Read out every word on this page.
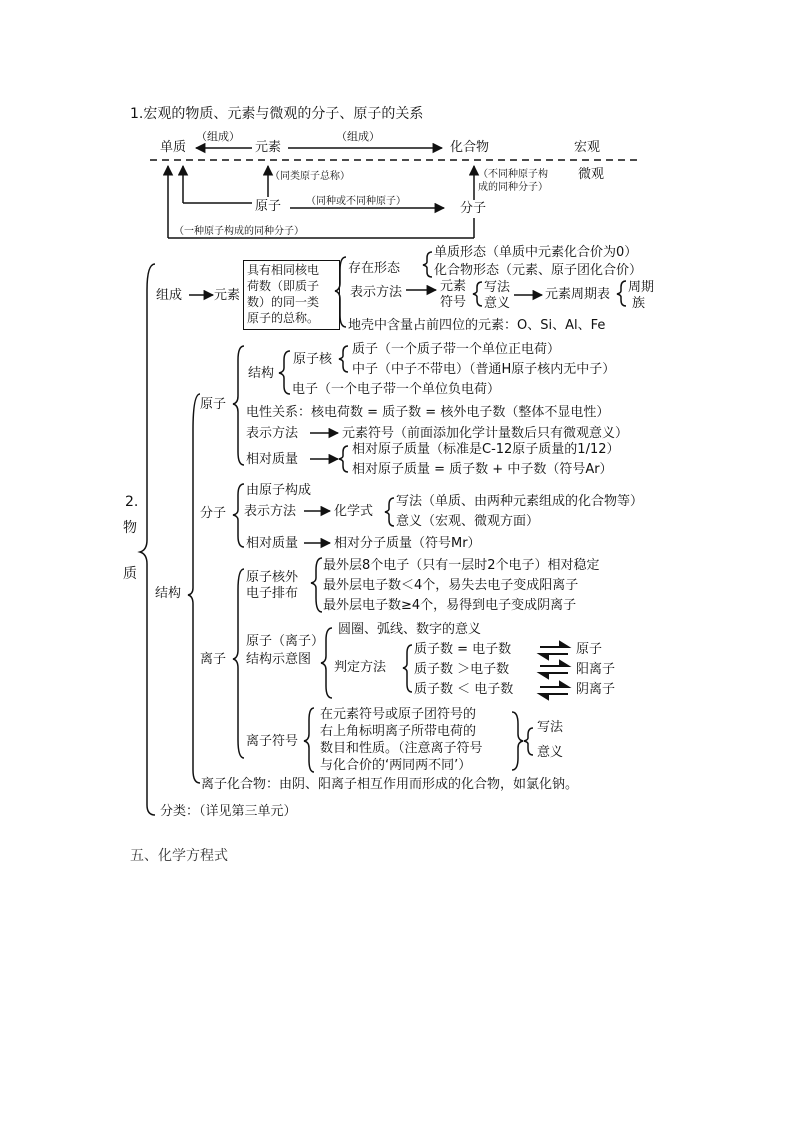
1.宏观的物质、元素与微观的分子、原子的关系
单质	元素	化合物	宏观
微观
（组成）	（组成）
（同类原子总称）	（不同种原子构
成的同种分子）
原子	分子
（同种或不同种原子）
（一种原子构成的同种分子）
2.
物
质
组成 元素
具有相同核电
荷数（即质子
数）的同一类
原子的总称。
存在形态
单质形态（单质中元素化合价为0）
化合物形态（元素、原子团化合价）
表示方法	元素
符号
写法
意义
元素周期表 周期
族
地壳中含量占前四位的元素：O、Si、Al、Fe
结构
原子
结构
原子核
质子（一个质子带一个单位正电荷）
中子（中子不带电）（普通H原子核内无中子）
电子（一个电子带一个单位负电荷）
电性关系：核电荷数 = 质子数 = 核外电子数（整体不显电性）
表示方法	元素符号（前面添加化学计量数后只有微观意义）
相对质量
相对原子质量（标准是C-12原子质量的1/12）
相对原子质量 = 质子数 + 中子数（符号Ar）
分子
由原子构成
表示方法	化学式
写法（单质、由两种元素组成的化合物等）
意义（宏观、微观方面）
相对质量	相对分子质量（符号Mr）
离子
原子核外
电子排布
最外层8个电子（只有一层时2个电子）相对稳定
最外层电子数＜4个，易失去电子变成阳离子
最外层电子数≥4个，易得到电子变成阴离子
原子（离子）
结构示意图
圆圈、弧线、数字的意义
判定方法
质子数 = 电子数	原子
质子数 ＞电子数	阳离子
质子数 ＜ 电子数	阴离子
离子符号
在元素符号或原子团符号的
右上角标明离子所带电荷的
数目和性质。（注意离子符号
与化合价的‘两同两不同’）
写法
意义
离子化合物：由阴、阳离子相互作用而形成的化合物，如氯化钠。
分类：（详见第三单元）
五、化学方程式
